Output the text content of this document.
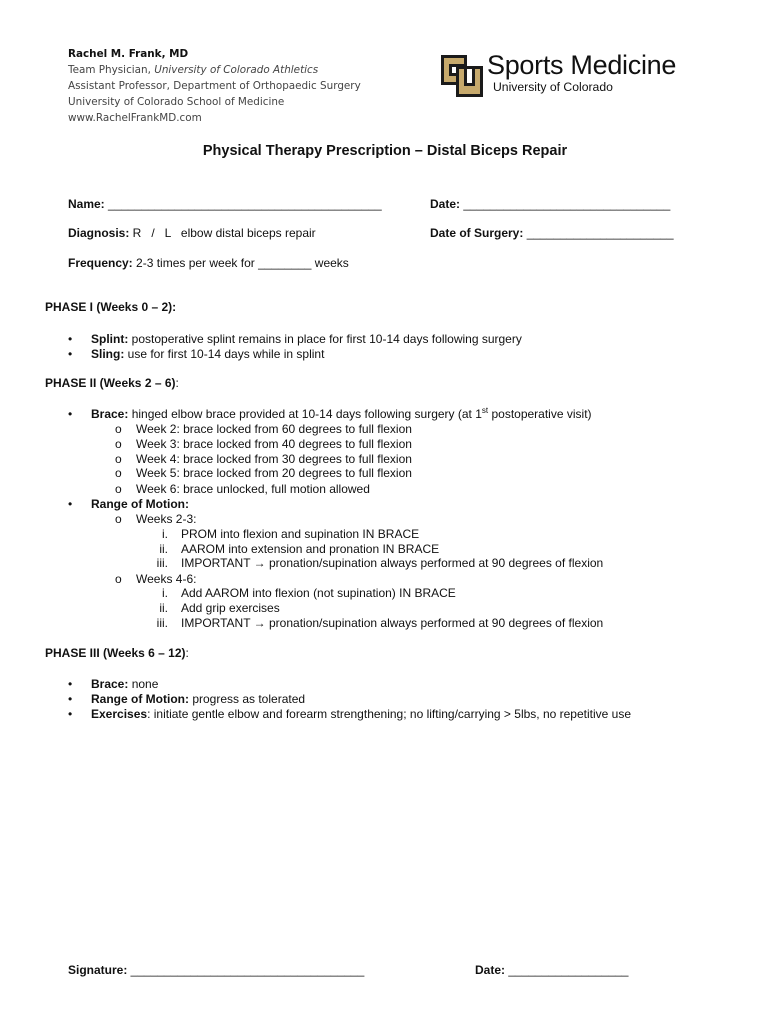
Rachel M. Frank, MD
Team Physician, University of Colorado Athletics
Assistant Professor, Department of Orthopaedic Surgery
University of Colorado School of Medicine
www.RachelFrankMD.com
Sports Medicine
University of Colorado
Physical Therapy Prescription – Distal Biceps Repair
Name: _________________________________________	Date: _______________________________
Diagnosis: R   /   L   elbow distal biceps repair	Date of Surgery: ______________________
Frequency: 2-3 times per week for ________ weeks
PHASE I (Weeks 0 – 2):
• Splint: postoperative splint remains in place for first 10-14 days following surgery
• Sling: use for first 10-14 days while in splint
PHASE II (Weeks 2 – 6):
• Brace: hinged elbow brace provided at 10-14 days following surgery (at 1st postoperative visit)
o Week 2: brace locked from 60 degrees to full flexion
o Week 3: brace locked from 40 degrees to full flexion
o Week 4: brace locked from 30 degrees to full flexion
o Week 5: brace locked from 20 degrees to full flexion
o Week 6: brace unlocked, full motion allowed
• Range of Motion:
o Weeks 2-3:
i. PROM into flexion and supination IN BRACE
ii. AAROM into extension and pronation IN BRACE
iii. IMPORTANT → pronation/supination always performed at 90 degrees of flexion
o Weeks 4-6:
i. Add AAROM into flexion (not supination) IN BRACE
ii. Add grip exercises
iii. IMPORTANT → pronation/supination always performed at 90 degrees of flexion
PHASE III (Weeks 6 – 12):
• Brace: none
• Range of Motion: progress as tolerated
• Exercises: initiate gentle elbow and forearm strengthening; no lifting/carrying > 5lbs, no repetitive use
Signature: ___________________________________	Date: __________________
